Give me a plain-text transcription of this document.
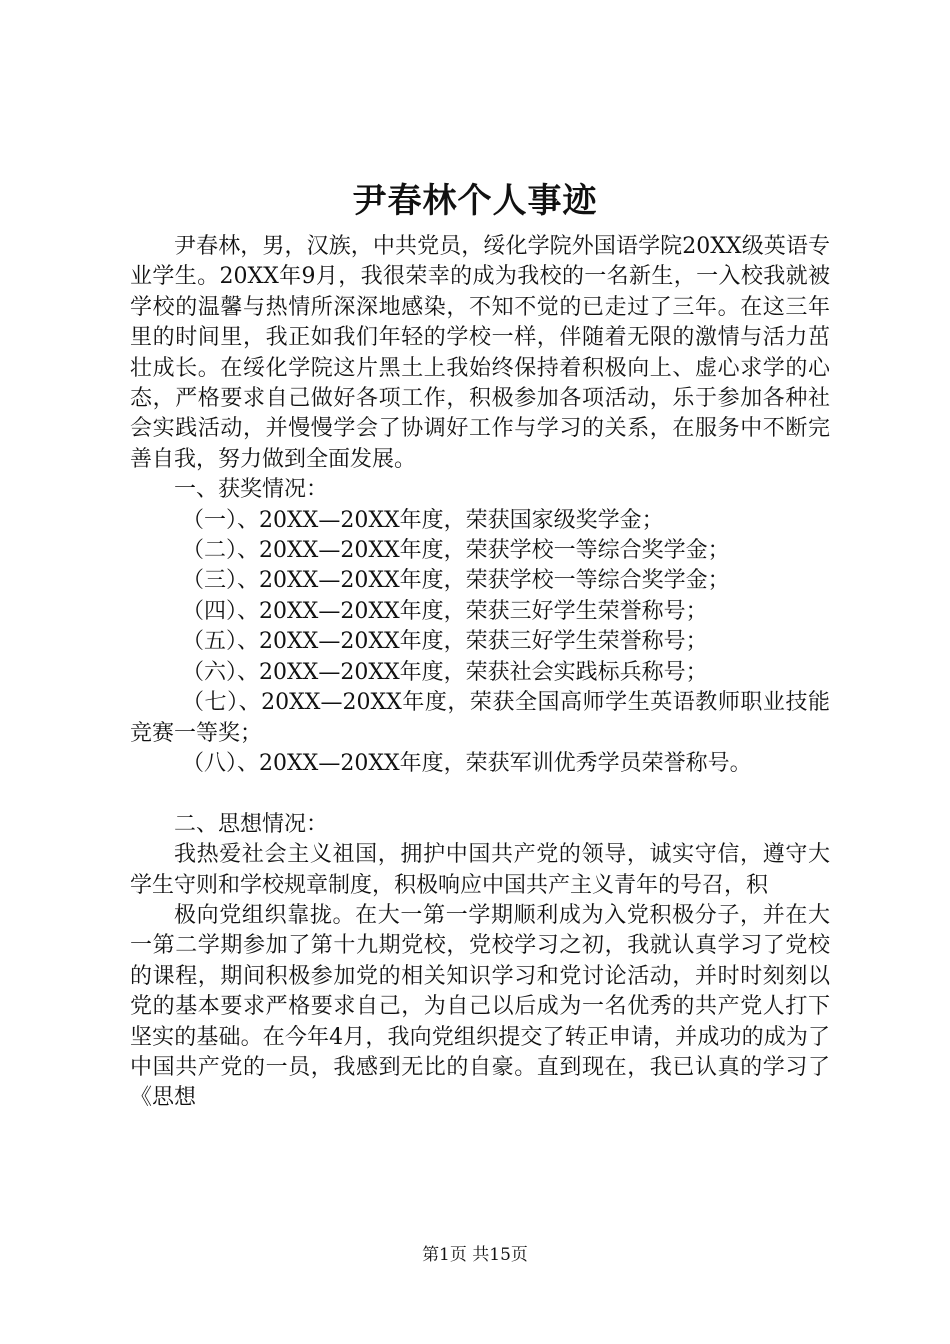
尹春林个人事迹

尹春林，男，汉族，中共党员，绥化学院外国语学院20XX级英语专业学生。20XX年9月，我很荣幸的成为我校的一名新生，一入校我就被学校的温馨与热情所深深地感染，不知不觉的已走过了三年。在这三年里的时间里，我正如我们年轻的学校一样，伴随着无限的激情与活力茁壮成长。在绥化学院这片黑土上我始终保持着积极向上、虚心求学的心态，严格要求自己做好各项工作，积极参加各项活动，乐于参加各种社会实践活动，并慢慢学会了协调好工作与学习的关系，在服务中不断完善自我，努力做到全面发展。

一、获奖情况：

（一）、20XX—20XX年度，荣获国家级奖学金；

（二）、20XX—20XX年度，荣获学校一等综合奖学金；

（三）、20XX—20XX年度，荣获学校一等综合奖学金；

（四）、20XX—20XX年度，荣获三好学生荣誉称号；

（五）、20XX—20XX年度，荣获三好学生荣誉称号；

（六）、20XX—20XX年度，荣获社会实践标兵称号；

（七）、20XX—20XX年度，荣获全国高师学生英语教师职业技能竞赛一等奖；

（八）、20XX—20XX年度，荣获军训优秀学员荣誉称号。

二、思想情况：

我热爱社会主义祖国，拥护中国共产党的领导，诚实守信，遵守大学生守则和学校规章制度，积极响应中国共产主义青年的号召，积

极向党组织靠拢。在大一第一学期顺利成为入党积极分子，并在大一第二学期参加了第十九期党校，党校学习之初，我就认真学习了党校的课程，期间积极参加党的相关知识学习和党讨论活动，并时时刻刻以党的基本要求严格要求自己，为自己以后成为一名优秀的共产党人打下坚实的基础。在今年4月，我向党组织提交了转正申请，并成功的成为了中国共产党的一员，我感到无比的自豪。直到现在，我已认真的学习了《思想

第1页 共15页
